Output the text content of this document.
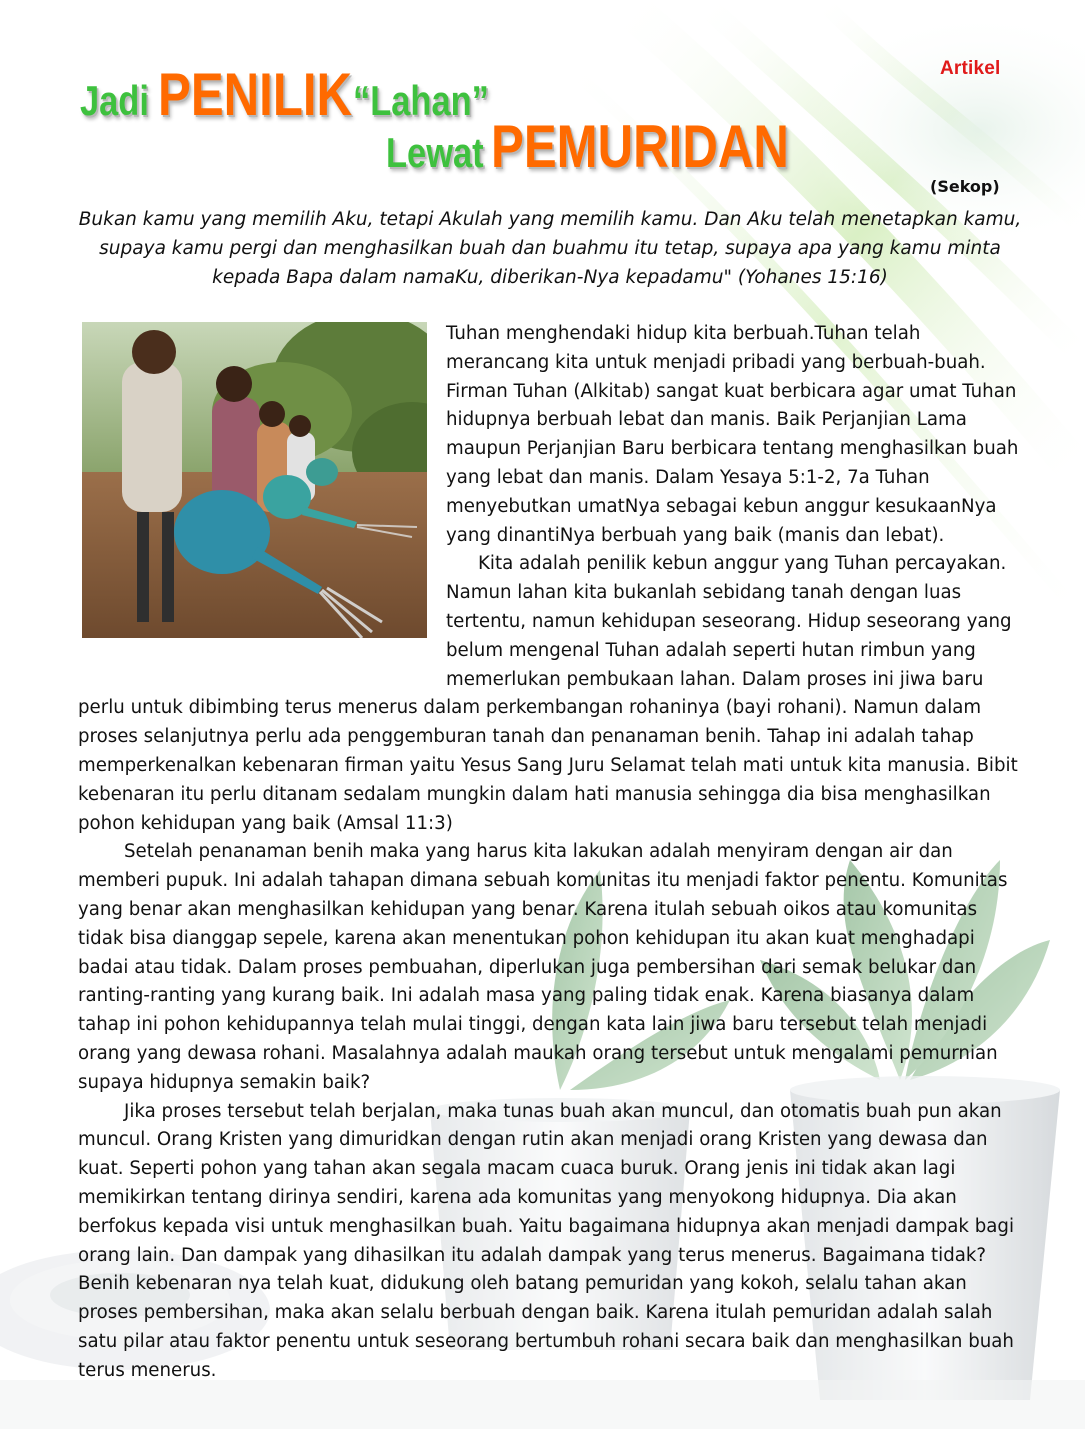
Artikel
Jadi PENILIK“Lahan”
Lewat PEMURIDAN
(Sekop)
Bukan kamu yang memilih Aku, tetapi Akulah yang memilih kamu. Dan Aku telah menetapkan kamu, supaya kamu pergi dan menghasilkan buah dan buahmu itu tetap, supaya apa yang kamu minta kepada Bapa dalam namaKu, diberikan-Nya kepadamu" (Yohanes 15:16)

Tuhan menghendaki hidup kita berbuah.Tuhan telah merancang kita untuk menjadi pribadi yang berbuah-buah. Firman Tuhan (Alkitab) sangat kuat berbicara agar umat Tuhan hidupnya berbuah lebat dan manis. Baik Perjanjian Lama maupun Perjanjian Baru berbicara tentang menghasilkan buah yang lebat dan manis. Dalam Yesaya 5:1-2, 7a Tuhan menyebutkan umatNya sebagai kebun anggur kesukaanNya yang dinantiNya berbuah yang baik (manis dan lebat).

Kita adalah penilik kebun anggur yang Tuhan percayakan. Namun lahan kita bukanlah sebidang tanah dengan luas tertentu, namun kehidupan seseorang. Hidup seseorang yang belum mengenal Tuhan adalah seperti hutan rimbun yang memerlukan pembukaan lahan. Dalam proses ini jiwa baru perlu untuk dibimbing terus menerus dalam perkembangan rohaninya (bayi rohani). Namun dalam proses selanjutnya perlu ada penggemburan tanah dan penanaman benih. Tahap ini adalah tahap memperkenalkan kebenaran firman yaitu Yesus Sang Juru Selamat telah mati untuk kita manusia. Bibit kebenaran itu perlu ditanam sedalam mungkin dalam hati manusia sehingga dia bisa menghasilkan pohon kehidupan yang baik (Amsal 11:3)

Setelah penanaman benih maka yang harus kita lakukan adalah menyiram dengan air dan memberi pupuk. Ini adalah tahapan dimana sebuah komunitas itu menjadi faktor penentu. Komunitas yang benar akan menghasilkan kehidupan yang benar. Karena itulah sebuah oikos atau komunitas tidak bisa dianggap sepele, karena akan menentukan pohon kehidupan itu akan kuat menghadapi badai atau tidak. Dalam proses pembuahan, diperlukan juga pembersihan dari semak belukar dan ranting-ranting yang kurang baik. Ini adalah masa yang paling tidak enak. Karena biasanya dalam tahap ini pohon kehidupannya telah mulai tinggi, dengan kata lain jiwa baru tersebut telah menjadi orang yang dewasa rohani. Masalahnya adalah maukah orang tersebut untuk mengalami pemurnian supaya hidupnya semakin baik?

Jika proses tersebut telah berjalan, maka tunas buah akan muncul, dan otomatis buah pun akan muncul. Orang Kristen yang dimuridkan dengan rutin akan menjadi orang Kristen yang dewasa dan kuat. Seperti pohon yang tahan akan segala macam cuaca buruk. Orang jenis ini tidak akan lagi memikirkan tentang dirinya sendiri, karena ada komunitas yang menyokong hidupnya. Dia akan berfokus kepada visi untuk menghasilkan buah. Yaitu bagaimana hidupnya akan menjadi dampak bagi orang lain. Dan dampak yang dihasilkan itu adalah dampak yang terus menerus. Bagaimana tidak? Benih kebenaran nya telah kuat, didukung oleh batang pemuridan yang kokoh, selalu tahan akan proses pembersihan, maka akan selalu berbuah dengan baik. Karena itulah pemuridan adalah salah satu pilar atau faktor penentu untuk seseorang bertumbuh rohani secara baik dan menghasilkan buah terus menerus.
